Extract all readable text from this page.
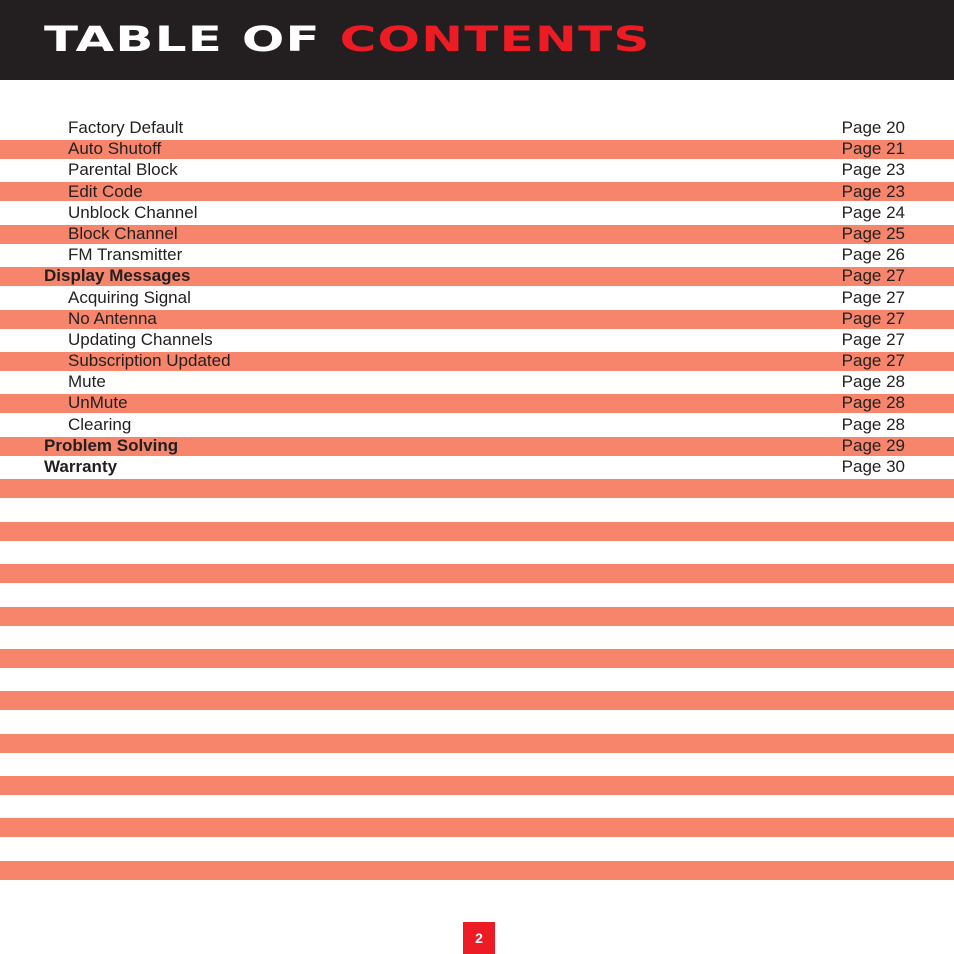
TABLE OF CONTENTS
Factory Default	Page 20
Auto Shutoff	Page 21
Parental Block	Page 23
Edit Code	Page 23
Unblock Channel	Page 24
Block Channel	Page 25
FM Transmitter	Page 26
Display Messages	Page 27
Acquiring Signal	Page 27
No Antenna	Page 27
Updating Channels	Page 27
Subscription Updated	Page 27
Mute	Page 28
UnMute	Page 28
Clearing	Page 28
Problem Solving	Page 29
Warranty	Page 30
2
